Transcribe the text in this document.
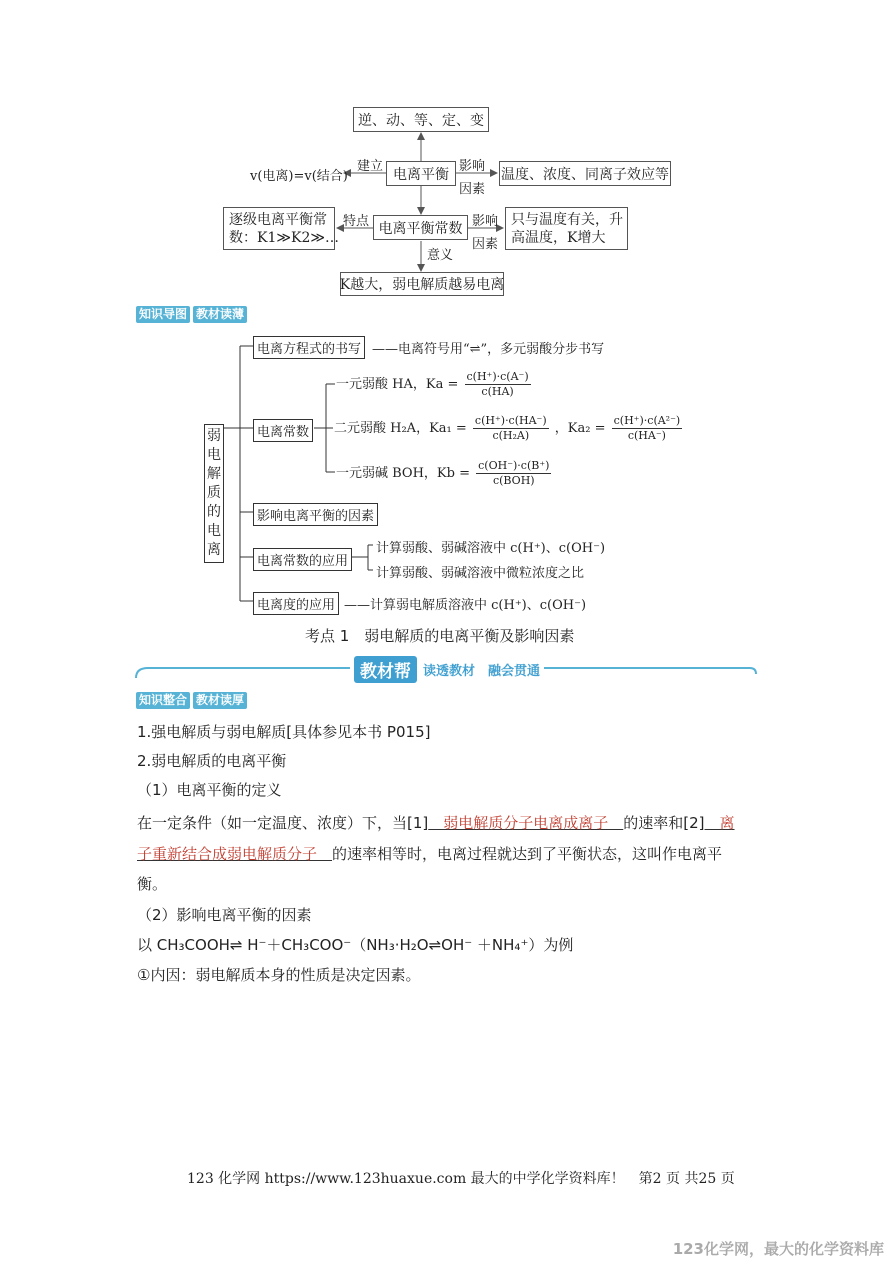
逆、动、等、定、变
电离平衡
v(电离)=v(结合)
建立	影响
因素
温度、浓度、同离子效应等
电离平衡常数
逐级电离平衡常
数：K1≫K2≫…
特点	影响
因素
只与温度有关，升
高温度，K增大
意义
K越大，弱电解质越易电离
知识导图 教材读薄
弱
电
解
质
的
电
离
电离方程式的书写 ——电离符号用“⇌”，多元弱酸分步书写
电离常数
一元弱酸 HA，$Ka = \frac{c(H^+)\cdot c(A^-)}{c(HA)}$
二元弱酸 H₂A，$Ka_1 = \frac{c(H^+)\cdot c(HA^-)}{\text{c(H₂A)}}$ ，$Ka_2 = \frac{\text{c(H⁺)·c(A²⁻)}}{c(HA^-)}$
一元弱碱 BOH，$Kb = \frac{c(OH^-)\cdot c(B^+)}{\text{c(BOH)}}$
影响电离平衡的因素
电离常数的应用
计算弱酸、弱碱溶液中 c(H⁺)、c(OH⁻)
计算弱酸、弱碱溶液中微粒浓度之比
电离度的应用 ——计算弱电解质溶液中 c(H⁺)、c(OH⁻)
考点 1　弱电解质的电离平衡及影响因素
教材帮 读透教材　融会贯通
知识整合 教材读厚
1.强电解质与弱电解质[具体参见本书 P015]
2.弱电解质的电离平衡
（1）电离平衡的定义
在一定条件（如一定温度、浓度）下，当[1]　弱电解质分子电离成离子　的速率和[2]　离
子重新结合成弱电解质分子　的速率相等时，电离过程就达到了平衡状态，这叫作电离平
衡。
（2）影响电离平衡的因素
以 CH₃COOH⇌ H⁻＋CH₃COO⁻（NH₃·H₂O⇌OH⁻ ＋NH₄⁺）为例
①内因：弱电解质本身的性质是决定因素。
123 化学网 https://www.123huaxue.com 最大的中学化学资料库！　第2 页 共25 页
123化学网，最大的化学资料库
